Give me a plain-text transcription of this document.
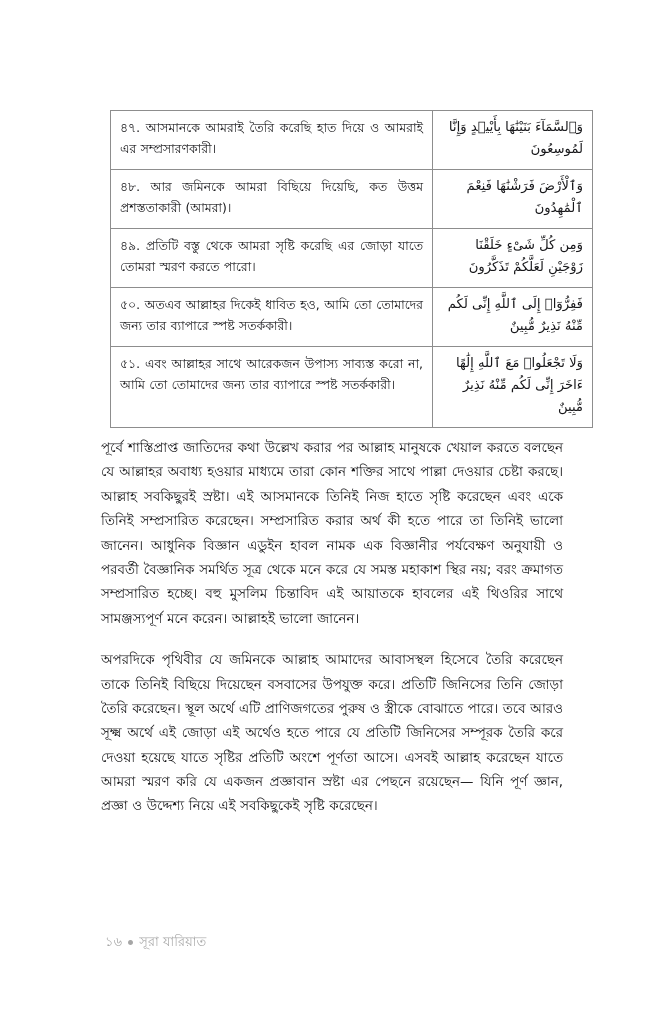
৪৭. আসমানকে আমরাই তৈরি করেছি হাত দিয়ে ও আমরাই এর সম্প্রসারণকারী।	وَٱلسَّمَآءَ بَنَيْنَٰهَا بِأَيْي۟دٍ وَإِنَّا لَمُوسِعُونَ

৪৮. আর জমিনকে আমরা বিছিয়ে দিয়েছি, কত উত্তম প্রশস্ততাকারী (আমরা)।	وَٱلْأَرْضَ فَرَشْنَٰهَا فَنِعْمَ ٱلْمَٰهِدُونَ

৪৯. প্রতিটি বস্তু থেকে আমরা সৃষ্টি করেছি এর জোড়া যাতে তোমরা স্মরণ করতে পারো।	وَمِن كُلِّ شَىْءٍ خَلَقْنَا زَوْجَيْنِ لَعَلَّكُمْ تَذَكَّرُونَ

৫০. অতএব আল্লাহর দিকেই ধাবিত হও, আমি তো তোমাদের জন্য তার ব্যাপারে স্পষ্ট সতর্ককারী।	فَفِرُّوٓا۟ إِلَى ٱللَّهِ إِنِّى لَكُم مِّنْهُ نَذِيرٌ مُّبِينٌ

৫১. এবং আল্লাহর সাথে আরেকজন উপাস্য সাব্যস্ত করো না, আমি তো তোমাদের জন্য তার ব্যাপারে স্পষ্ট সতর্ককারী।	وَلَا تَجْعَلُوا۟ مَعَ ٱللَّهِ إِلَٰهًا ءَاخَرَ إِنِّى لَكُم مِّنْهُ نَذِيرٌ مُّبِينٌ

পূর্বে শাস্তিপ্রাপ্ত জাতিদের কথা উল্লেখ করার পর আল্লাহ মানুষকে খেয়াল করতে বলছেন যে আল্লাহর অবাধ্য হওয়ার মাধ্যমে তারা কোন শক্তির সাথে পাল্লা দেওয়ার চেষ্টা করছে। আল্লাহ সবকিছুরই স্রষ্টা। এই আসমানকে তিনিই নিজ হাতে সৃষ্টি করেছেন এবং একে তিনিই সম্প্রসারিত করেছেন। সম্প্রসারিত করার অর্থ কী হতে পারে তা তিনিই ভালো জানেন। আধুনিক বিজ্ঞান এডুইন হাবল নামক এক বিজ্ঞানীর পর্যবেক্ষণ অনুযায়ী ও পরবর্তী বৈজ্ঞানিক সমর্থিত সূত্র থেকে মনে করে যে সমস্ত মহাকাশ স্থির নয়; বরং ক্রমাগত সম্প্রসারিত হচ্ছে। বহু মুসলিম চিন্তাবিদ এই আয়াতকে হাবলের এই থিওরির সাথে সামঞ্জস্যপূর্ণ মনে করেন। আল্লাহই ভালো জানেন।

অপরদিকে পৃথিবীর যে জমিনকে আল্লাহ আমাদের আবাসস্থল হিসেবে তৈরি করেছেন তাকে তিনিই বিছিয়ে দিয়েছেন বসবাসের উপযুক্ত করে। প্রতিটি জিনিসের তিনি জোড়া তৈরি করেছেন। স্থূল অর্থে এটি প্রাণিজগতের পুরুষ ও স্ত্রীকে বোঝাতে পারে। তবে আরও সূক্ষ্ম অর্থে এই জোড়া এই অর্থেও হতে পারে যে প্রতিটি জিনিসের সম্পূরক তৈরি করে দেওয়া হয়েছে যাতে সৃষ্টির প্রতিটি অংশে পূর্ণতা আসে। এসবই আল্লাহ করেছেন যাতে আমরা স্মরণ করি যে একজন প্রজ্ঞাবান স্রষ্টা এর পেছনে রয়েছেন— যিনি পূর্ণ জ্ঞান, প্রজ্ঞা ও উদ্দেশ্য নিয়ে এই সবকিছুকেই সৃষ্টি করেছেন।

১৬ সূরা যারিয়াত
